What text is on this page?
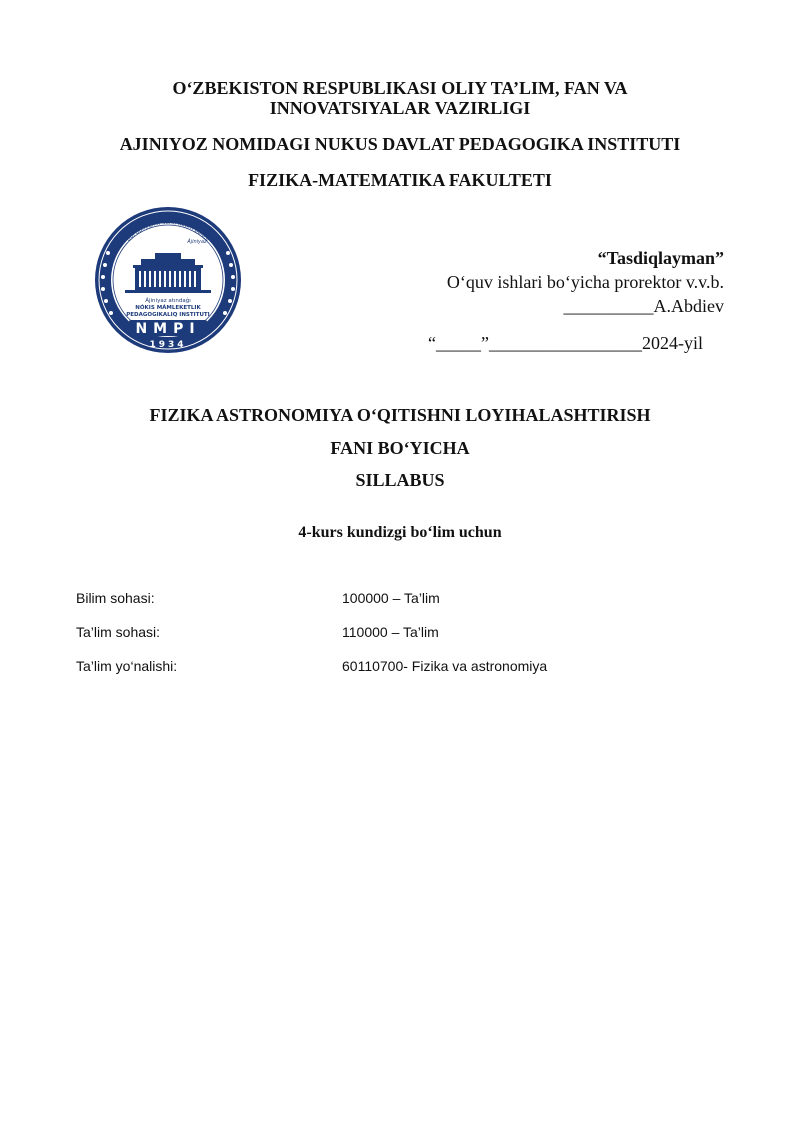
O‘ZBEKISTON RESPUBLIKASI OLIY TA’LIM, FAN VA
INNOVATSIYALAR VAZIRLIGI
AJINIYOZ NOMIDAGI NUKUS DAVLAT PEDAGOGIKA INSTITUTI
FIZIKA-MATEMATIKA FAKULTETI
Bul dúnyaniń kórki adam balası
Ájiniyaz
Ájiniyaz atındaǵı
NÓKIS MÁMLEKETLIK
PEDAGOGIKALIQ INSTITUTI
NMPI
1934
“Tasdiqlayman”
O‘quv ishlari bo‘yicha prorektor v.v.b.
__________A.Abdiev
“_____”_________________2024-yil
FIZIKA ASTRONOMIYA O‘QITISHNI LOYIHALASHTIRISH
FANI BO‘YICHA
SILLABUS
4-kurs kundizgi bo‘lim uchun
Bilim sohasi:	100000 – Ta’lim
Ta’lim sohasi:	110000 – Ta’lim
Ta’lim yo‘nalishi:	60110700- Fizika va astronomiya
